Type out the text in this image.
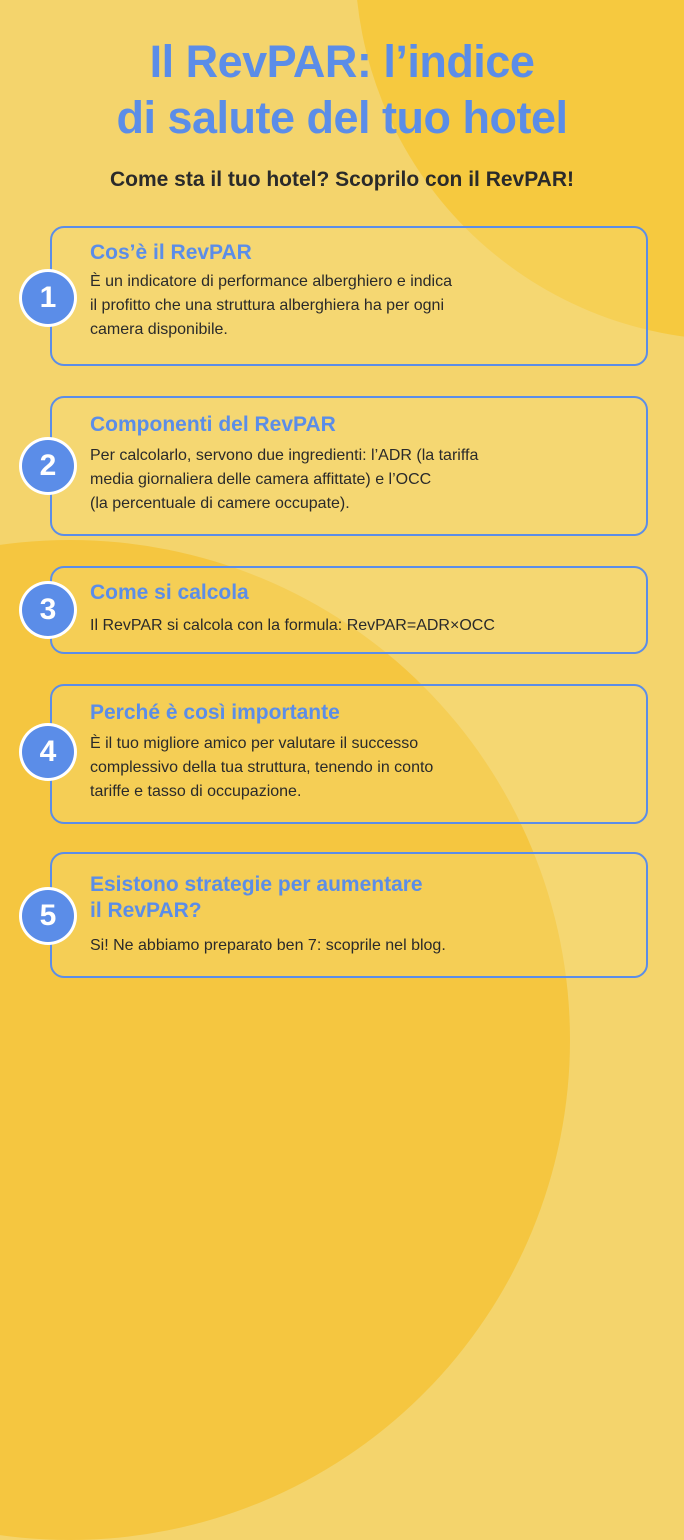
Il RevPAR: l’indice
di salute del tuo hotel

Come sta il tuo hotel? Scoprilo con il RevPAR!

1
Cos’è il RevPAR

È un indicatore di performance alberghiero e indica
il profitto che una struttura alberghiera ha per ogni
camera disponibile.

2
Componenti del RevPAR

Per calcolarlo, servono due ingredienti: l’ADR (la tariffa
media giornaliera delle camera affittate) e l’OCC
(la percentuale di camere occupate).

3
Come si calcola

Il RevPAR si calcola con la formula: RevPAR=ADR×OCC

4
Perché è così importante

È il tuo migliore amico per valutare il successo
complessivo della tua struttura, tenendo in conto
tariffe e tasso di occupazione.

5
Esistono strategie per aumentare
il RevPAR?

Si! Ne abbiamo preparato ben 7: scoprile nel blog.
